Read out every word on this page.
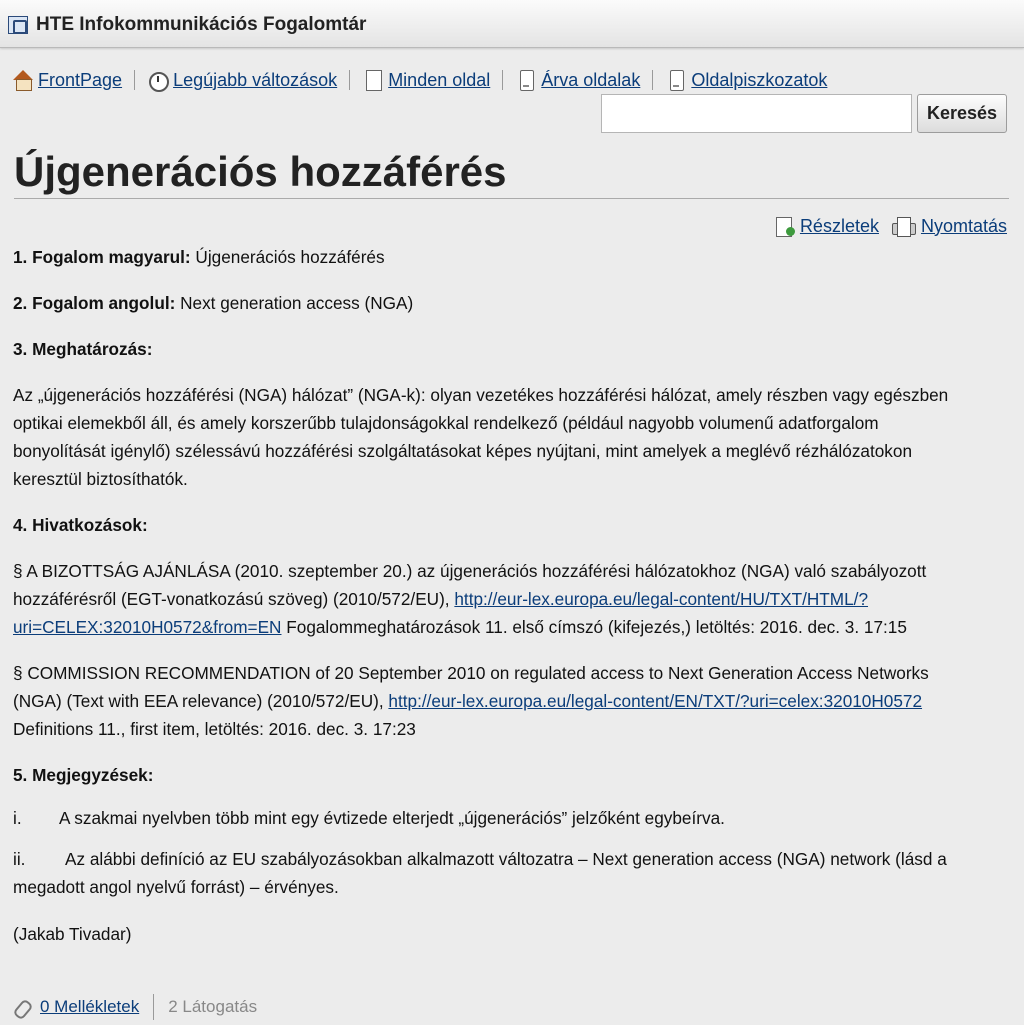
HTE Infokommunikációs Fogalomtár
FrontPage	Legújabb változások	Minden oldal	Árva oldalak	Oldalpiszkozatok
Keresés
Újgenerációs hozzáférés
Részletek Nyomtatás

1. Fogalom magyarul: Újgenerációs hozzáférés

2. Fogalom angolul: Next generation access (NGA)

3. Meghatározás:

Az „újgenerációs hozzáférési (NGA) hálózat” (NGA-k): olyan vezetékes hozzáférési hálózat, amely részben vagy egészben

optikai elemekből áll, és amely korszerűbb tulajdonságokkal rendelkező (például nagyobb volumenű adatforgalom

bonyolítását igénylő) szélessávú hozzáférési szolgáltatásokat képes nyújtani, mint amelyek a meglévő rézhálózatokon

keresztül biztosíthatók.

4. Hivatkozások:

§ A BIZOTTSÁG AJÁNLÁSA (2010. szeptember 20.) az újgenerációs hozzáférési hálózatokhoz (NGA) való szabályozott

hozzáférésről (EGT-vonatkozású szöveg) (2010/572/EU), http://eur-lex.europa.eu/legal-content/HU/TXT/HTML/?

uri=CELEX:32010H0572&from=EN Fogalommeghatározások 11. első címszó (kifejezés,) letöltés: 2016. dec. 3. 17:15

§ COMMISSION RECOMMENDATION of 20 September 2010 on regulated access to Next Generation Access Networks

(NGA) (Text with EEA relevance) (2010/572/EU), http://eur-lex.europa.eu/legal-content/EN/TXT/?uri=celex:32010H0572

Definitions 11., first item, letöltés: 2016. dec. 3. 17:23

5. Megjegyzések:

i. A szakmai nyelvben több mint egy évtizede elterjedt „újgenerációs” jelzőként egybeírva.

ii. Az alábbi definíció az EU szabályozásokban alkalmazott változatra – Next generation access (NGA) network (lásd a

megadott angol nyelvű forrást) – érvényes.

(Jakab Tivadar)

0 Mellékletek 2 Látogatás
